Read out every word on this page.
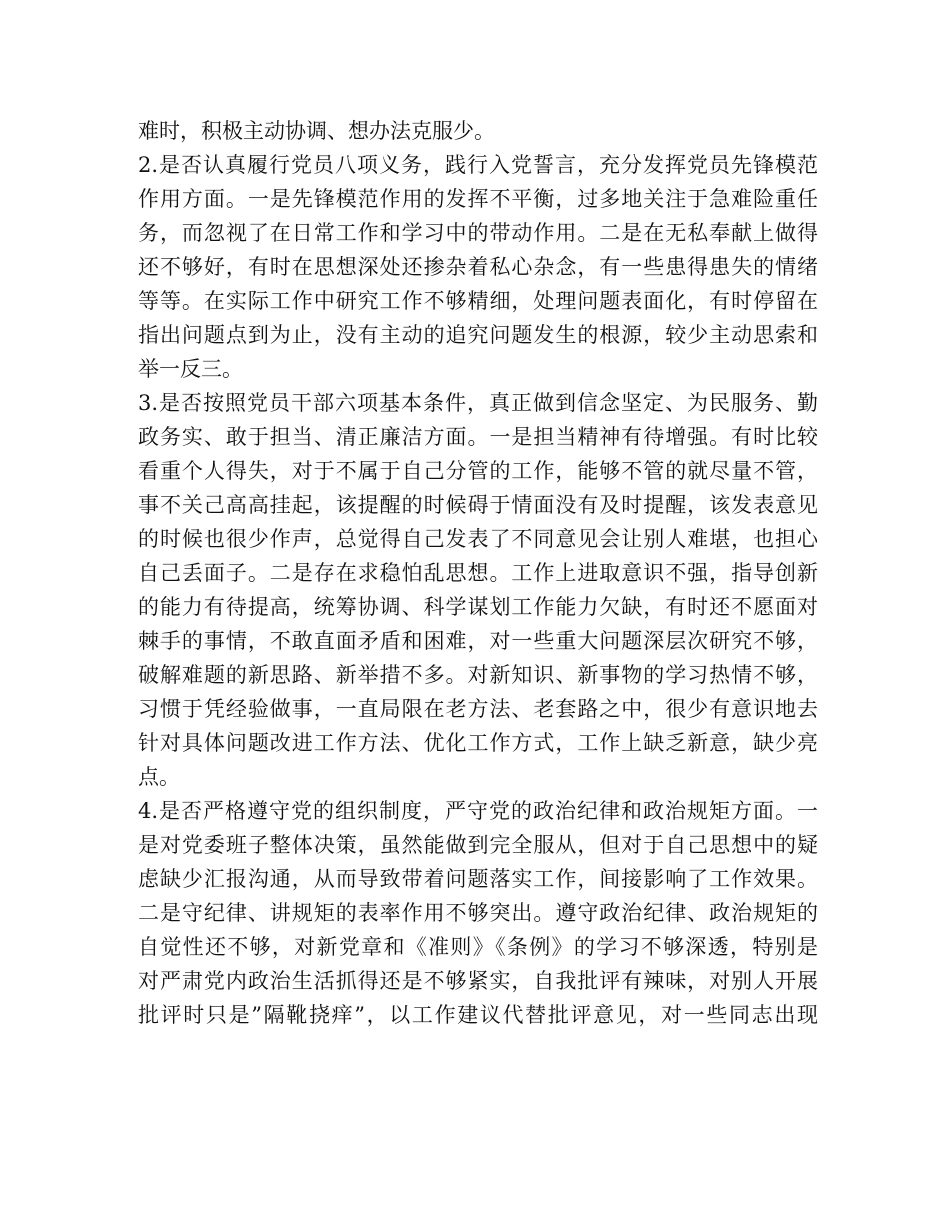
难时，积极主动协调、想办法克服少。
2.是否认真履行党员八项义务，践行入党誓言，充分发挥党员先锋模范
作用方面。一是先锋模范作用的发挥不平衡，过多地关注于急难险重任
务，而忽视了在日常工作和学习中的带动作用。二是在无私奉献上做得
还不够好，有时在思想深处还掺杂着私心杂念，有一些患得患失的情绪
等等。在实际工作中研究工作不够精细，处理问题表面化，有时停留在
指出问题点到为止，没有主动的追究问题发生的根源，较少主动思索和
举一反三。
3.是否按照党员干部六项基本条件，真正做到信念坚定、为民服务、勤
政务实、敢于担当、清正廉洁方面。一是担当精神有待增强。有时比较
看重个人得失，对于不属于自己分管的工作，能够不管的就尽量不管，
事不关己高高挂起，该提醒的时候碍于情面没有及时提醒，该发表意见
的时候也很少作声，总觉得自己发表了不同意见会让别人难堪，也担心
自己丢面子。二是存在求稳怕乱思想。工作上进取意识不强，指导创新
的能力有待提高，统筹协调、科学谋划工作能力欠缺，有时还不愿面对
棘手的事情，不敢直面矛盾和困难，对一些重大问题深层次研究不够，
破解难题的新思路、新举措不多。对新知识、新事物的学习热情不够，
习惯于凭经验做事，一直局限在老方法、老套路之中，很少有意识地去
针对具体问题改进工作方法、优化工作方式，工作上缺乏新意，缺少亮
点。
4.是否严格遵守党的组织制度，严守党的政治纪律和政治规矩方面。一
是对党委班子整体决策，虽然能做到完全服从，但对于自己思想中的疑
虑缺少汇报沟通，从而导致带着问题落实工作，间接影响了工作效果。
二是守纪律、讲规矩的表率作用不够突出。遵守政治纪律、政治规矩的
自觉性还不够，对新党章和《准则》《条例》的学习不够深透，特别是
对严肃党内政治生活抓得还是不够紧实，自我批评有辣味，对别人开展
批评时只是”隔靴挠痒”，以工作建议代替批评意见，对一些同志出现
